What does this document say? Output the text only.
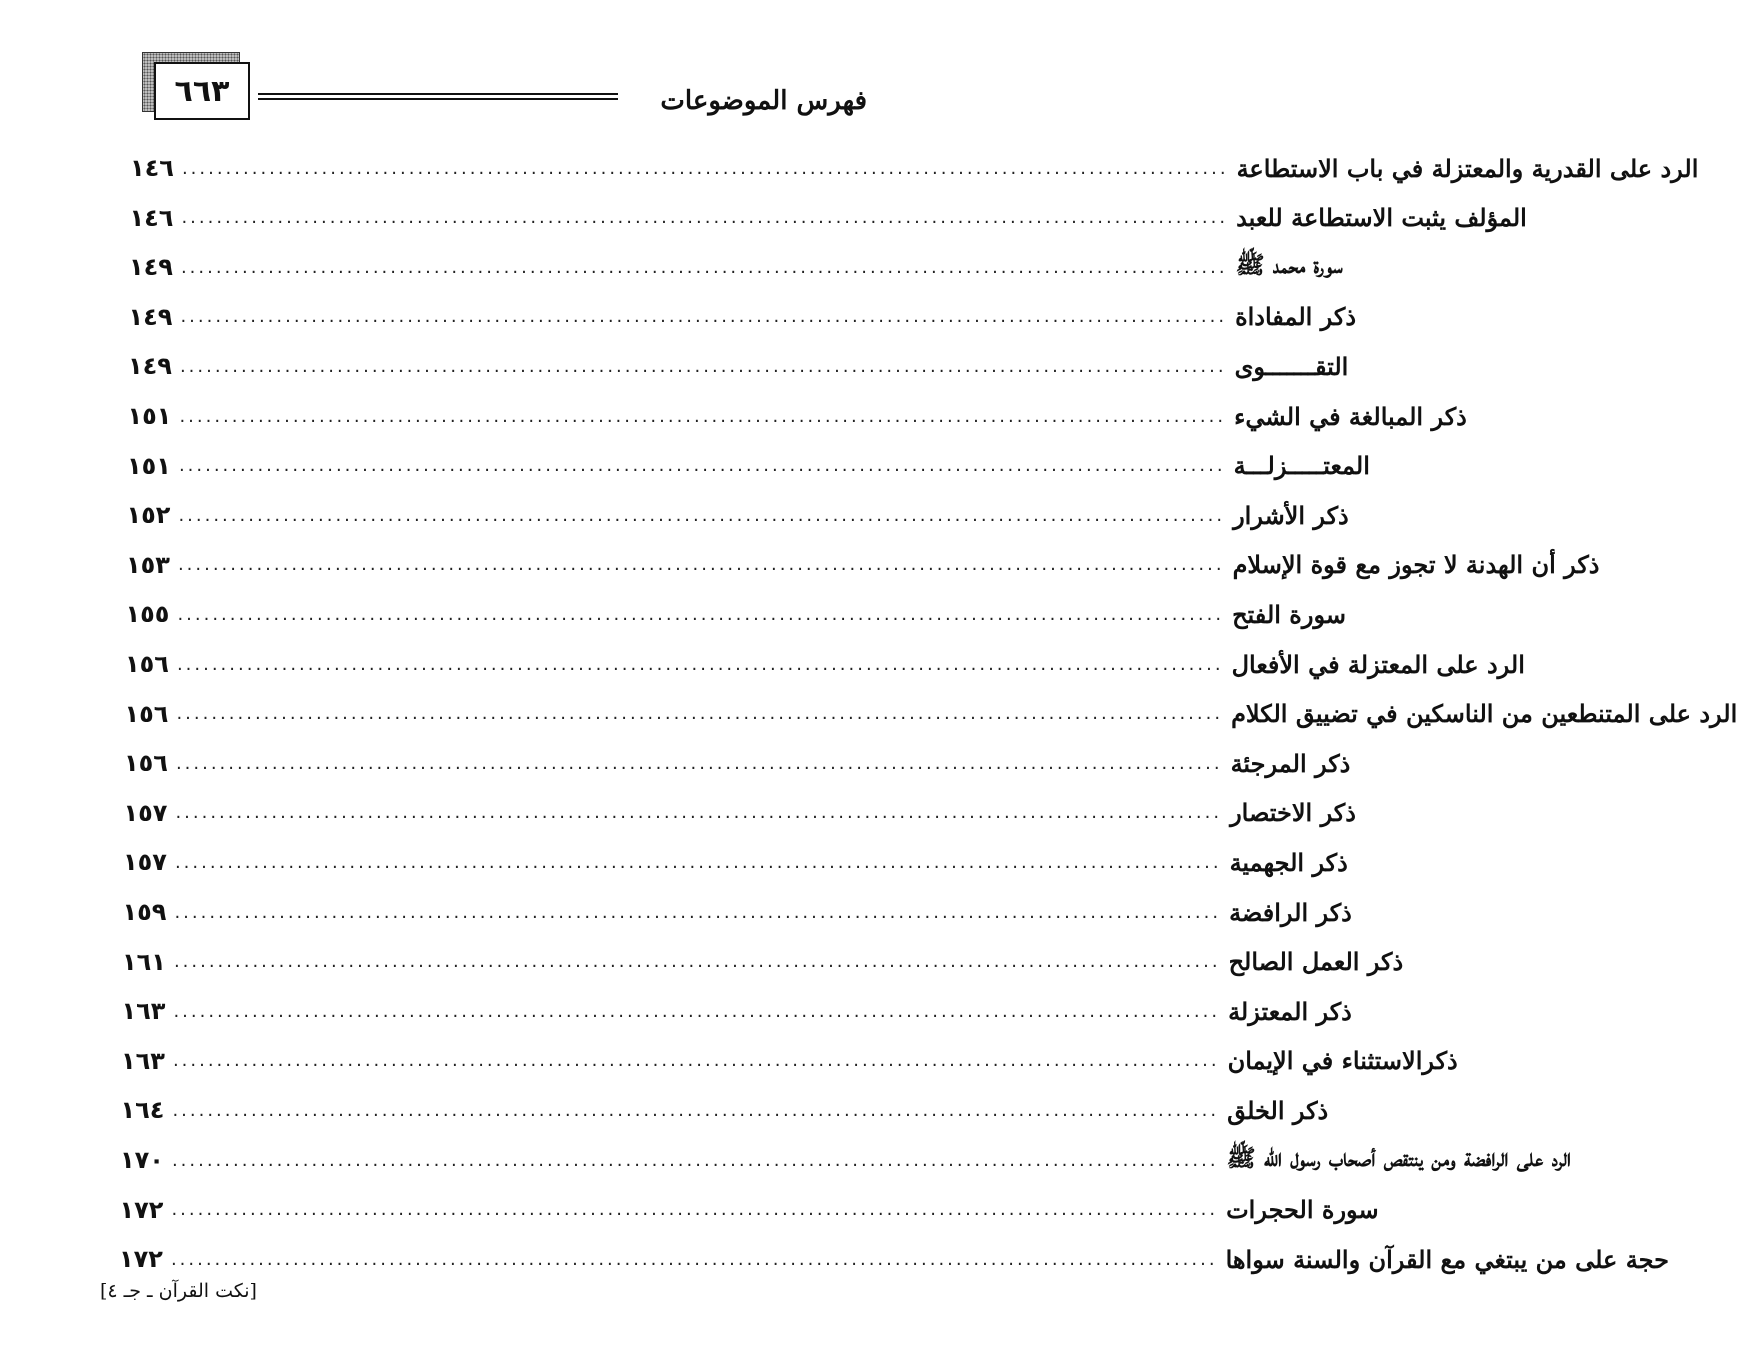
٦٦٣	فهرس الموضوعات
١٤٦ ........................................................................................................................ الرد على القدرية والمعتزلة في باب الاستطاعة
١٤٦ ........................................................................................................................ المؤلف يثبت الاستطاعة للعبد
١٤٩ ........................................................................................................................ سورة محمد ﷺ
١٤٩ ........................................................................................................................ ذكر المفاداة
١٤٩ ........................................................................................................................ التقـــــــوى
١٥١ ........................................................................................................................ ذكر المبالغة في الشيء
١٥١ ........................................................................................................................ المعتـــــزلـــة
١٥٢ ........................................................................................................................ ذكر الأشرار
١٥٣ ........................................................................................................................ ذكر أن الهدنة لا تجوز مع قوة الإسلام
١٥٥ ........................................................................................................................ سورة الفتح
١٥٦ ........................................................................................................................ الرد على المعتزلة في الأفعال
١٥٦ ........................................................................................................................ الرد على المتنطعين من الناسكين في تضييق الكلام
١٥٦ ........................................................................................................................ ذكر المرجئة
١٥٧ ........................................................................................................................ ذكر الاختصار
١٥٧ ........................................................................................................................ ذكر الجهمية
١٥٩ ........................................................................................................................ ذكر الرافضة
١٦١ ........................................................................................................................ ذكر العمل الصالح
١٦٣ ........................................................................................................................ ذكر المعتزلة
١٦٣ ........................................................................................................................ ذكرالاستثناء في الإيمان
١٦٤ ........................................................................................................................ ذكر الخلق
١٧٠ ........................................................................................................................ الرد على الرافضة ومن ينتقص أصحاب رسول الله ﷺ
١٧٢ ........................................................................................................................ سورة الحجرات
١٧٢ ........................................................................................................................ حجة على من يبتغي مع القرآن والسنة سواها
[نكت القرآن ـ جـ ٤]
